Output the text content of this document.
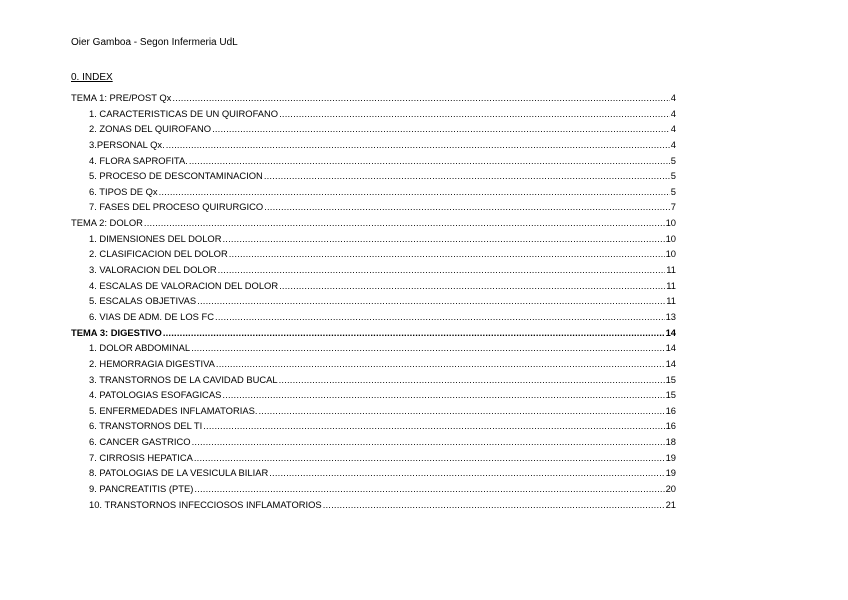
Oier Gamboa - Segon Infermeria UdL
0. INDEX
TEMA 1: PRE/POST Qx .....	4
1. CARACTERISTICAS DE UN QUIROFANO .....	4
2. ZONAS DEL QUIROFANO .....	4
3.PERSONAL Qx. .....	4
4. FLORA SAPROFITA. .....	5
5. PROCESO DE DESCONTAMINACION .....	5
6. TIPOS DE Qx .....	5
7. FASES DEL PROCESO QUIRURGICO .....	7
TEMA 2: DOLOR .....	10
1. DIMENSIONES DEL DOLOR .....	10
2. CLASIFICACION DEL DOLOR .....	10
3. VALORACION DEL DOLOR .....	11
4. ESCALAS DE VALORACION DEL DOLOR .....	11
5. ESCALAS OBJETIVAS .....	11
6. VIAS DE ADM. DE LOS FC .....	13
TEMA 3: DIGESTIVO .....	14
1. DOLOR ABDOMINAL .....	14
2. HEMORRAGIA DIGESTIVA .....	14
3. TRANSTORNOS DE LA CAVIDAD BUCAL .....	15
4. PATOLOGIAS ESOFAGICAS .....	15
5. ENFERMEDADES INFLAMATORIAS. .....	16
6. TRANSTORNOS DEL TI .....	16
6. CANCER GASTRICO .....	18
7. CIRROSIS HEPATICA .....	19
8. PATOLOGIAS DE LA VESICULA BILIAR .....	19
9. PANCREATITIS (PTE) .....	20
10. TRANSTORNOS INFECCIOSOS INFLAMATORIOS .....	21
